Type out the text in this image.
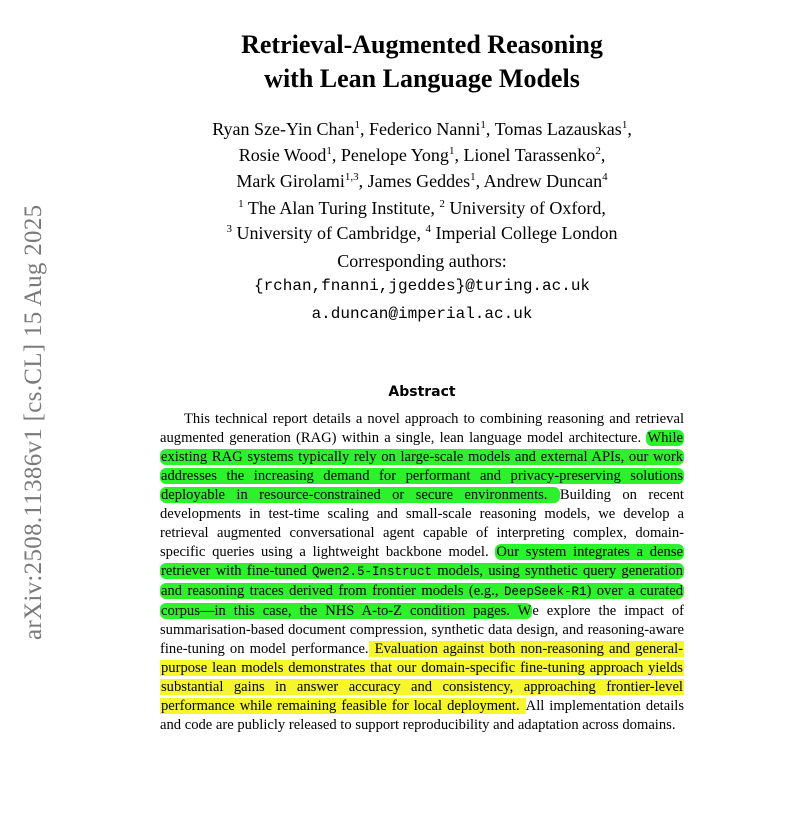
arXiv:2508.11386v1 [cs.CL] 15 Aug 2025
Retrieval-Augmented Reasoning
with Lean Language Models
Ryan Sze-Yin Chan$^1$, Federico Nanni$^1$, Tomas Lazauskas$^1$,
Rosie Wood$^1$, Penelope Yong$^1$, Lionel Tarassenko$^2$,
Mark Girolami$^{1,3}$, James Geddes$^1$, Andrew Duncan$^4$
$^1$ The Alan Turing Institute, $^2$ University of Oxford,
$^3$ University of Cambridge, $^4$ Imperial College London
Corresponding authors:
{rchan,fnanni,jgeddes}@turing.ac.uk
a.duncan@imperial.ac.uk
Abstract

This technical report details a novel approach to combining reasoning and retrieval augmented generation (RAG) within a single, lean language model architecture. While existing RAG systems typically rely on large-scale models and external APIs, our work addresses the increasing demand for performant and privacy-preserving solutions deployable in resource-constrained or secure environments. Building on recent developments in test-time scaling and small-scale reasoning models, we develop a retrieval augmented conversational agent capable of interpreting complex, domain-specific queries using a lightweight backbone model. Our system integrates a dense retriever with fine-tuned Qwen2.5-Instruct models, using synthetic query generation and reasoning traces derived from frontier models (e.g., DeepSeek-R1) over a curated corpus—in this case, the NHS A-to-Z condition pages. We explore the impact of summarisation-based document compression, synthetic data design, and reasoning-aware fine-tuning on model performance. Evaluation against both non-reasoning and general-purpose lean models demonstrates that our domain-specific fine-tuning approach yields substantial gains in answer accuracy and consistency, approaching frontier-level performance while remaining feasible for local deployment. All implementation details and code are publicly released to support reproducibility and adaptation across domains.
